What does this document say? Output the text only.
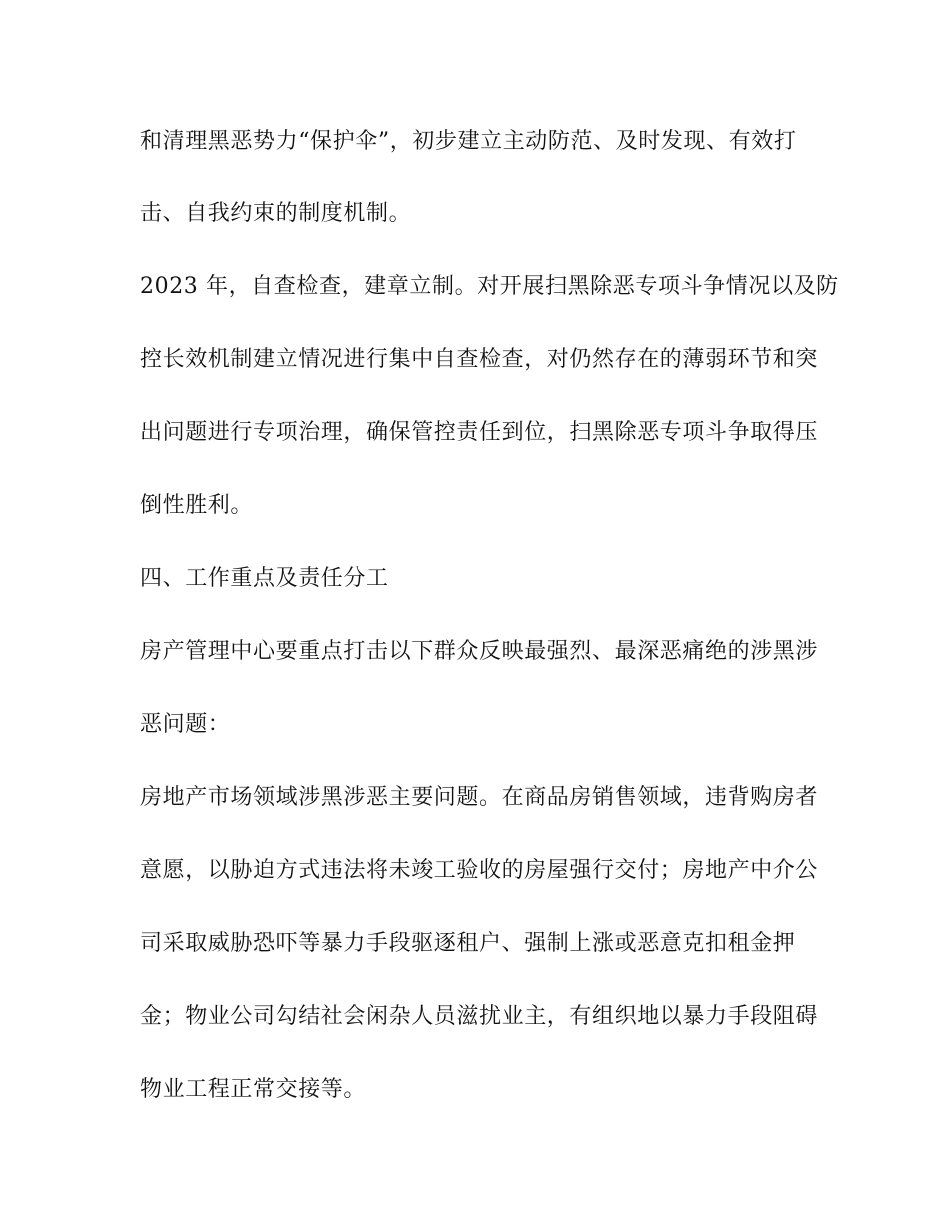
和清理黑恶势力“保护伞”，初步建立主动防范、及时发现、有效打
击、自我约束的制度机制。
2023 年，自查检查，建章立制。对开展扫黑除恶专项斗争情况以及防
控长效机制建立情况进行集中自查检查，对仍然存在的薄弱环节和突
出问题进行专项治理，确保管控责任到位，扫黑除恶专项斗争取得压
倒性胜利。
四、工作重点及责任分工
房产管理中心要重点打击以下群众反映最强烈、最深恶痛绝的涉黑涉
恶问题：
房地产市场领域涉黑涉恶主要问题。在商品房销售领域，违背购房者
意愿，以胁迫方式违法将未竣工验收的房屋强行交付；房地产中介公
司采取威胁恐吓等暴力手段驱逐租户、强制上涨或恶意克扣租金押
金；物业公司勾结社会闲杂人员滋扰业主，有组织地以暴力手段阻碍
物业工程正常交接等。
